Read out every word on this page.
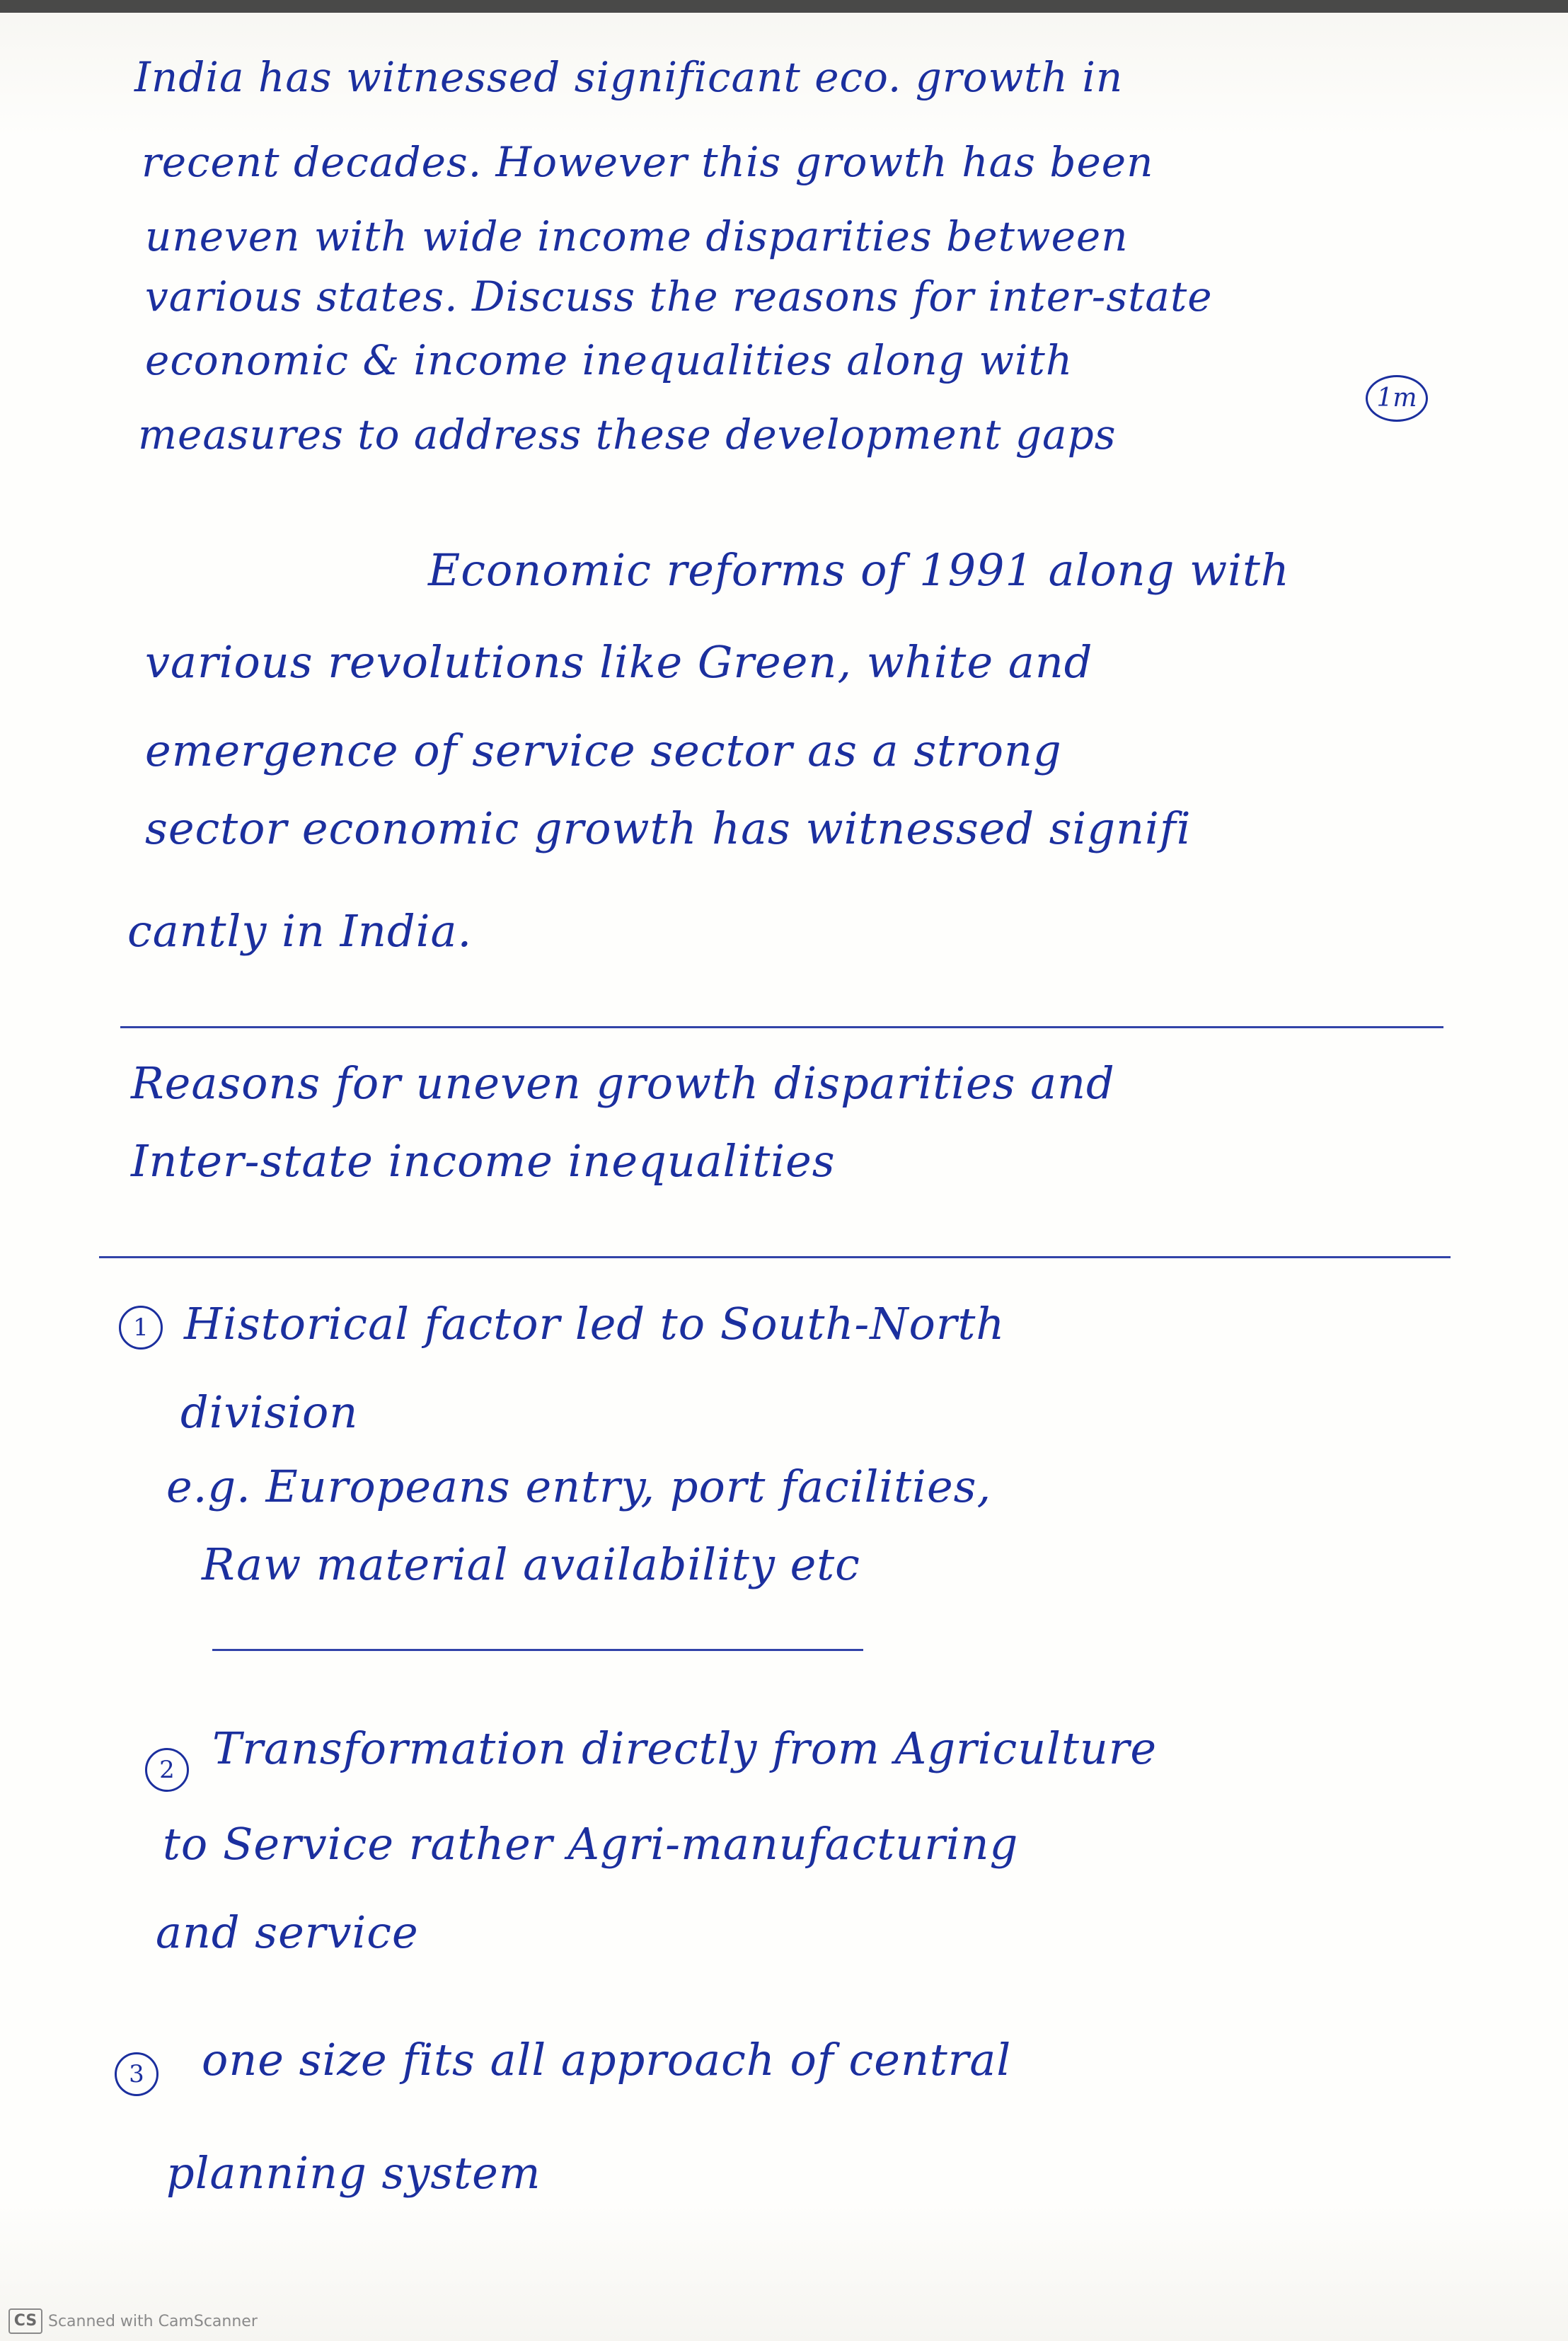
India has witnessed significant eco. growth in
recent decades. However this growth has been
uneven with wide income disparities between
various states. Discuss the reasons for inter-state
economic & income inequalities along with
measures to address these development gaps
1m
Economic reforms of 1991 along with
various revolutions like Green, white and
emergence of service sector as a strong
sector economic growth has witnessed signifi
cantly in India.
Reasons for uneven growth disparities and
Inter-state income inequalities
1 Historical factor led to South-North
division
e.g. Europeans entry, port facilities,
Raw material availability etc
2 Transformation directly from Agriculture
to Service rather Agri-manufacturing
and service
3	one size fits all approach of central
planning system
CS Scanned with CamScanner
